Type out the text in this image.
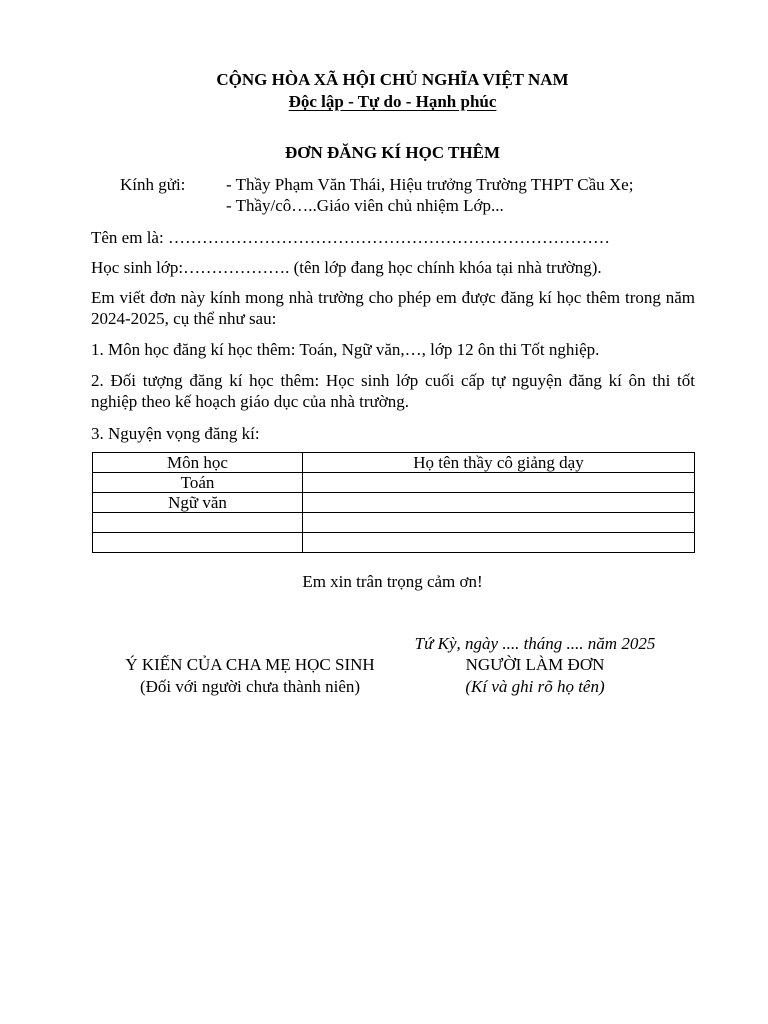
CỘNG HÒA XÃ HỘI CHỦ NGHĨA VIỆT NAM
Độc lập - Tự do - Hạnh phúc
ĐƠN ĐĂNG KÍ HỌC THÊM
Kính gửi: - Thầy Phạm Văn Thái, Hiệu trưởng Trường THPT Cầu Xe;
- Thầy/cô…..Giáo viên chủ nhiệm Lớp...
Tên em là: ……………………………………………………………………
Học sinh lớp:………………. (tên lớp đang học chính khóa tại nhà trường).
Em viết đơn này kính mong nhà trường cho phép em được đăng kí học thêm trong năm 2024-2025, cụ thể như sau:
1. Môn học đăng kí học thêm: Toán, Ngữ văn,…, lớp 12 ôn thi Tốt nghiệp.
2. Đối tượng đăng kí học thêm: Học sinh lớp cuối cấp tự nguyện đăng kí ôn thi tốt nghiệp theo kế hoạch giáo dục của nhà trường.
3. Nguyện vọng đăng kí:
Môn học	Họ tên thầy cô giảng dạy
Toán	
Ngữ văn	

Em xin trân trọng cảm ơn!
Tứ Kỳ, ngày .... tháng .... năm 2025
Ý KIẾN CỦA CHA MẸ HỌC SINH
(Đối với người chưa thành niên)
NGƯỜI LÀM ĐƠN
(Kí và ghi rõ họ tên)
